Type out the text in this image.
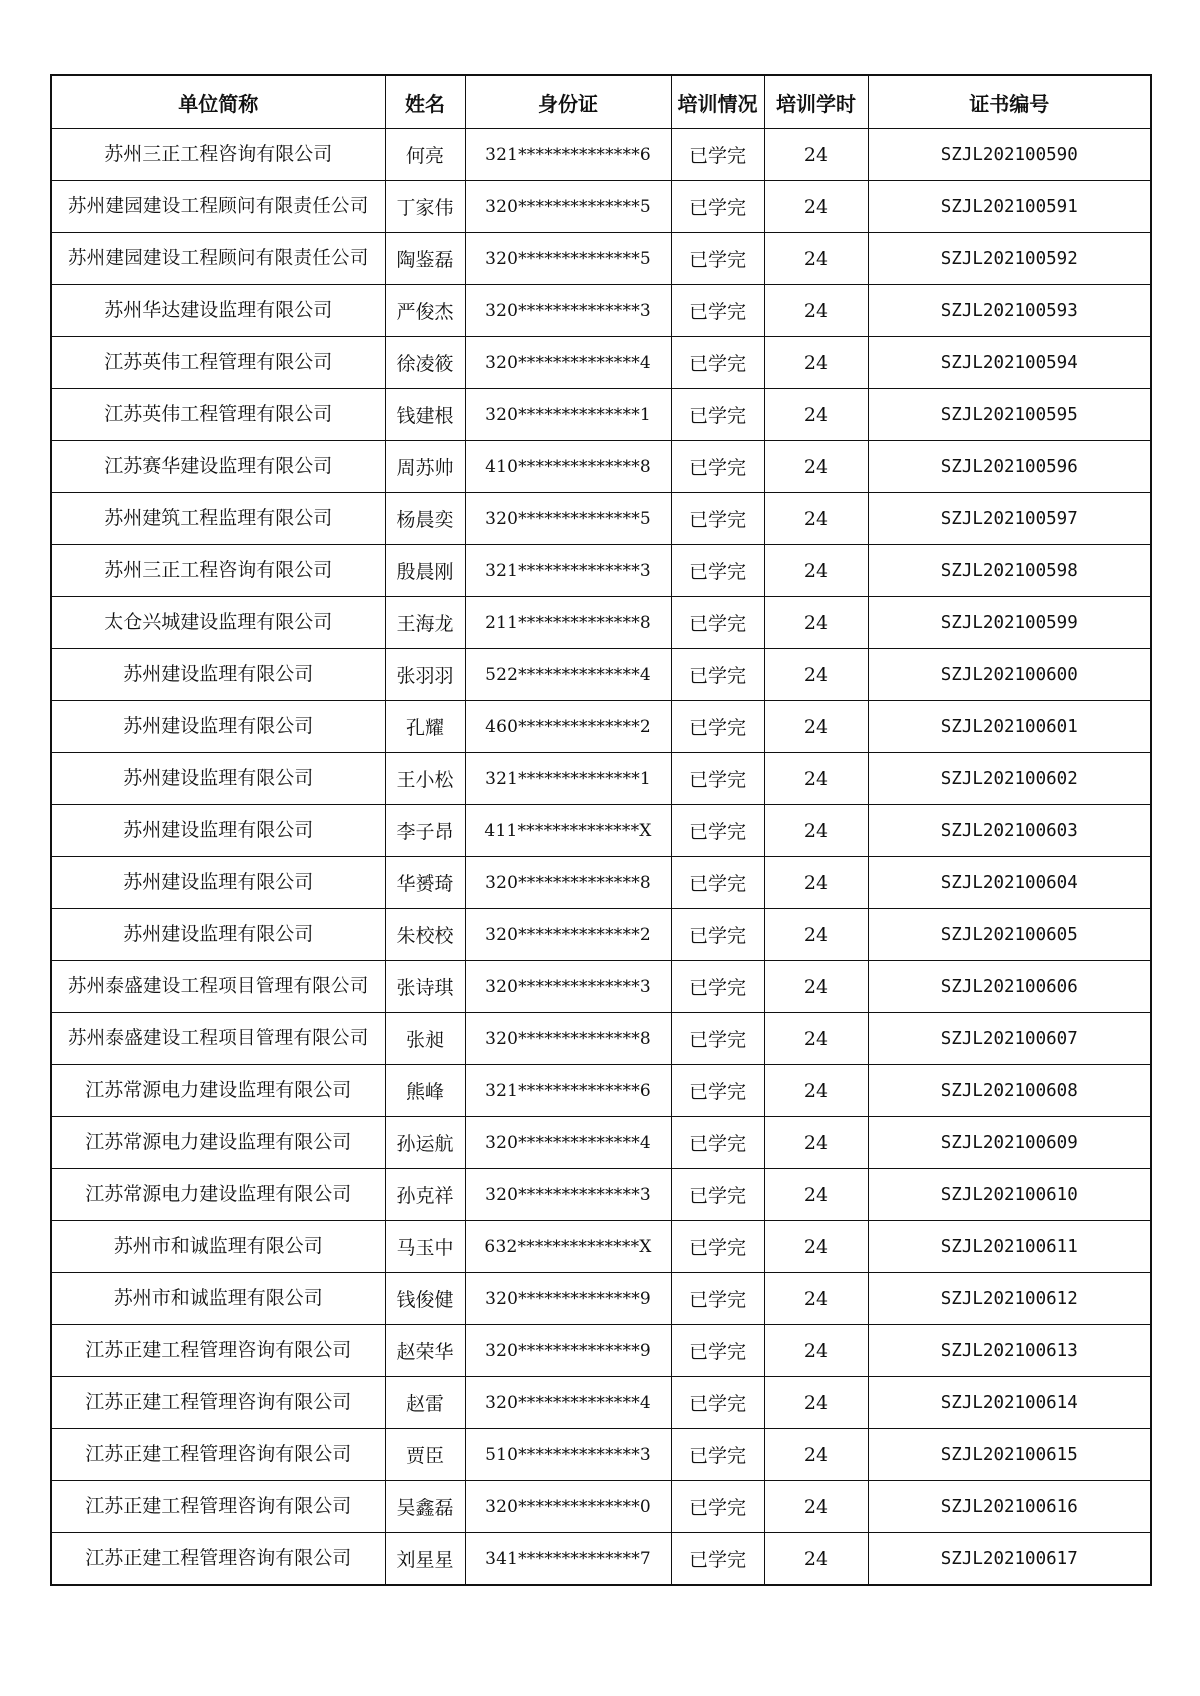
单位简称	姓名	身份证	培训情况	培训学时	证书编号
苏州三正工程咨询有限公司	何亮	321**************6	已学完	24	SZJL202100590
苏州建园建设工程顾问有限责任公司	丁家伟	320**************5	已学完	24	SZJL202100591
苏州建园建设工程顾问有限责任公司	陶鉴磊	320**************5	已学完	24	SZJL202100592
苏州华达建设监理有限公司	严俊杰	320**************3	已学完	24	SZJL202100593
江苏英伟工程管理有限公司	徐凌筱	320**************4	已学完	24	SZJL202100594
江苏英伟工程管理有限公司	钱建根	320**************1	已学完	24	SZJL202100595
江苏赛华建设监理有限公司	周苏帅	410**************8	已学完	24	SZJL202100596
苏州建筑工程监理有限公司	杨晨奕	320**************5	已学完	24	SZJL202100597
苏州三正工程咨询有限公司	殷晨刚	321**************3	已学完	24	SZJL202100598
太仓兴城建设监理有限公司	王海龙	211**************8	已学完	24	SZJL202100599
苏州建设监理有限公司	张羽羽	522**************4	已学完	24	SZJL202100600
苏州建设监理有限公司	孔耀	460**************2	已学完	24	SZJL202100601
苏州建设监理有限公司	王小松	321**************1	已学完	24	SZJL202100602
苏州建设监理有限公司	李子昂	411**************X	已学完	24	SZJL202100603
苏州建设监理有限公司	华赟琦	320**************8	已学完	24	SZJL202100604
苏州建设监理有限公司	朱校校	320**************2	已学完	24	SZJL202100605
苏州泰盛建设工程项目管理有限公司	张诗琪	320**************3	已学完	24	SZJL202100606
苏州泰盛建设工程项目管理有限公司	张昶	320**************8	已学完	24	SZJL202100607
江苏常源电力建设监理有限公司	熊峰	321**************6	已学完	24	SZJL202100608
江苏常源电力建设监理有限公司	孙运航	320**************4	已学完	24	SZJL202100609
江苏常源电力建设监理有限公司	孙克祥	320**************3	已学完	24	SZJL202100610
苏州市和诚监理有限公司	马玉中	632**************X	已学完	24	SZJL202100611
苏州市和诚监理有限公司	钱俊健	320**************9	已学完	24	SZJL202100612
江苏正建工程管理咨询有限公司	赵荣华	320**************9	已学完	24	SZJL202100613
江苏正建工程管理咨询有限公司	赵雷	320**************4	已学完	24	SZJL202100614
江苏正建工程管理咨询有限公司	贾臣	510**************3	已学完	24	SZJL202100615
江苏正建工程管理咨询有限公司	吴鑫磊	320**************0	已学完	24	SZJL202100616
江苏正建工程管理咨询有限公司	刘星星	341**************7	已学完	24	SZJL202100617
